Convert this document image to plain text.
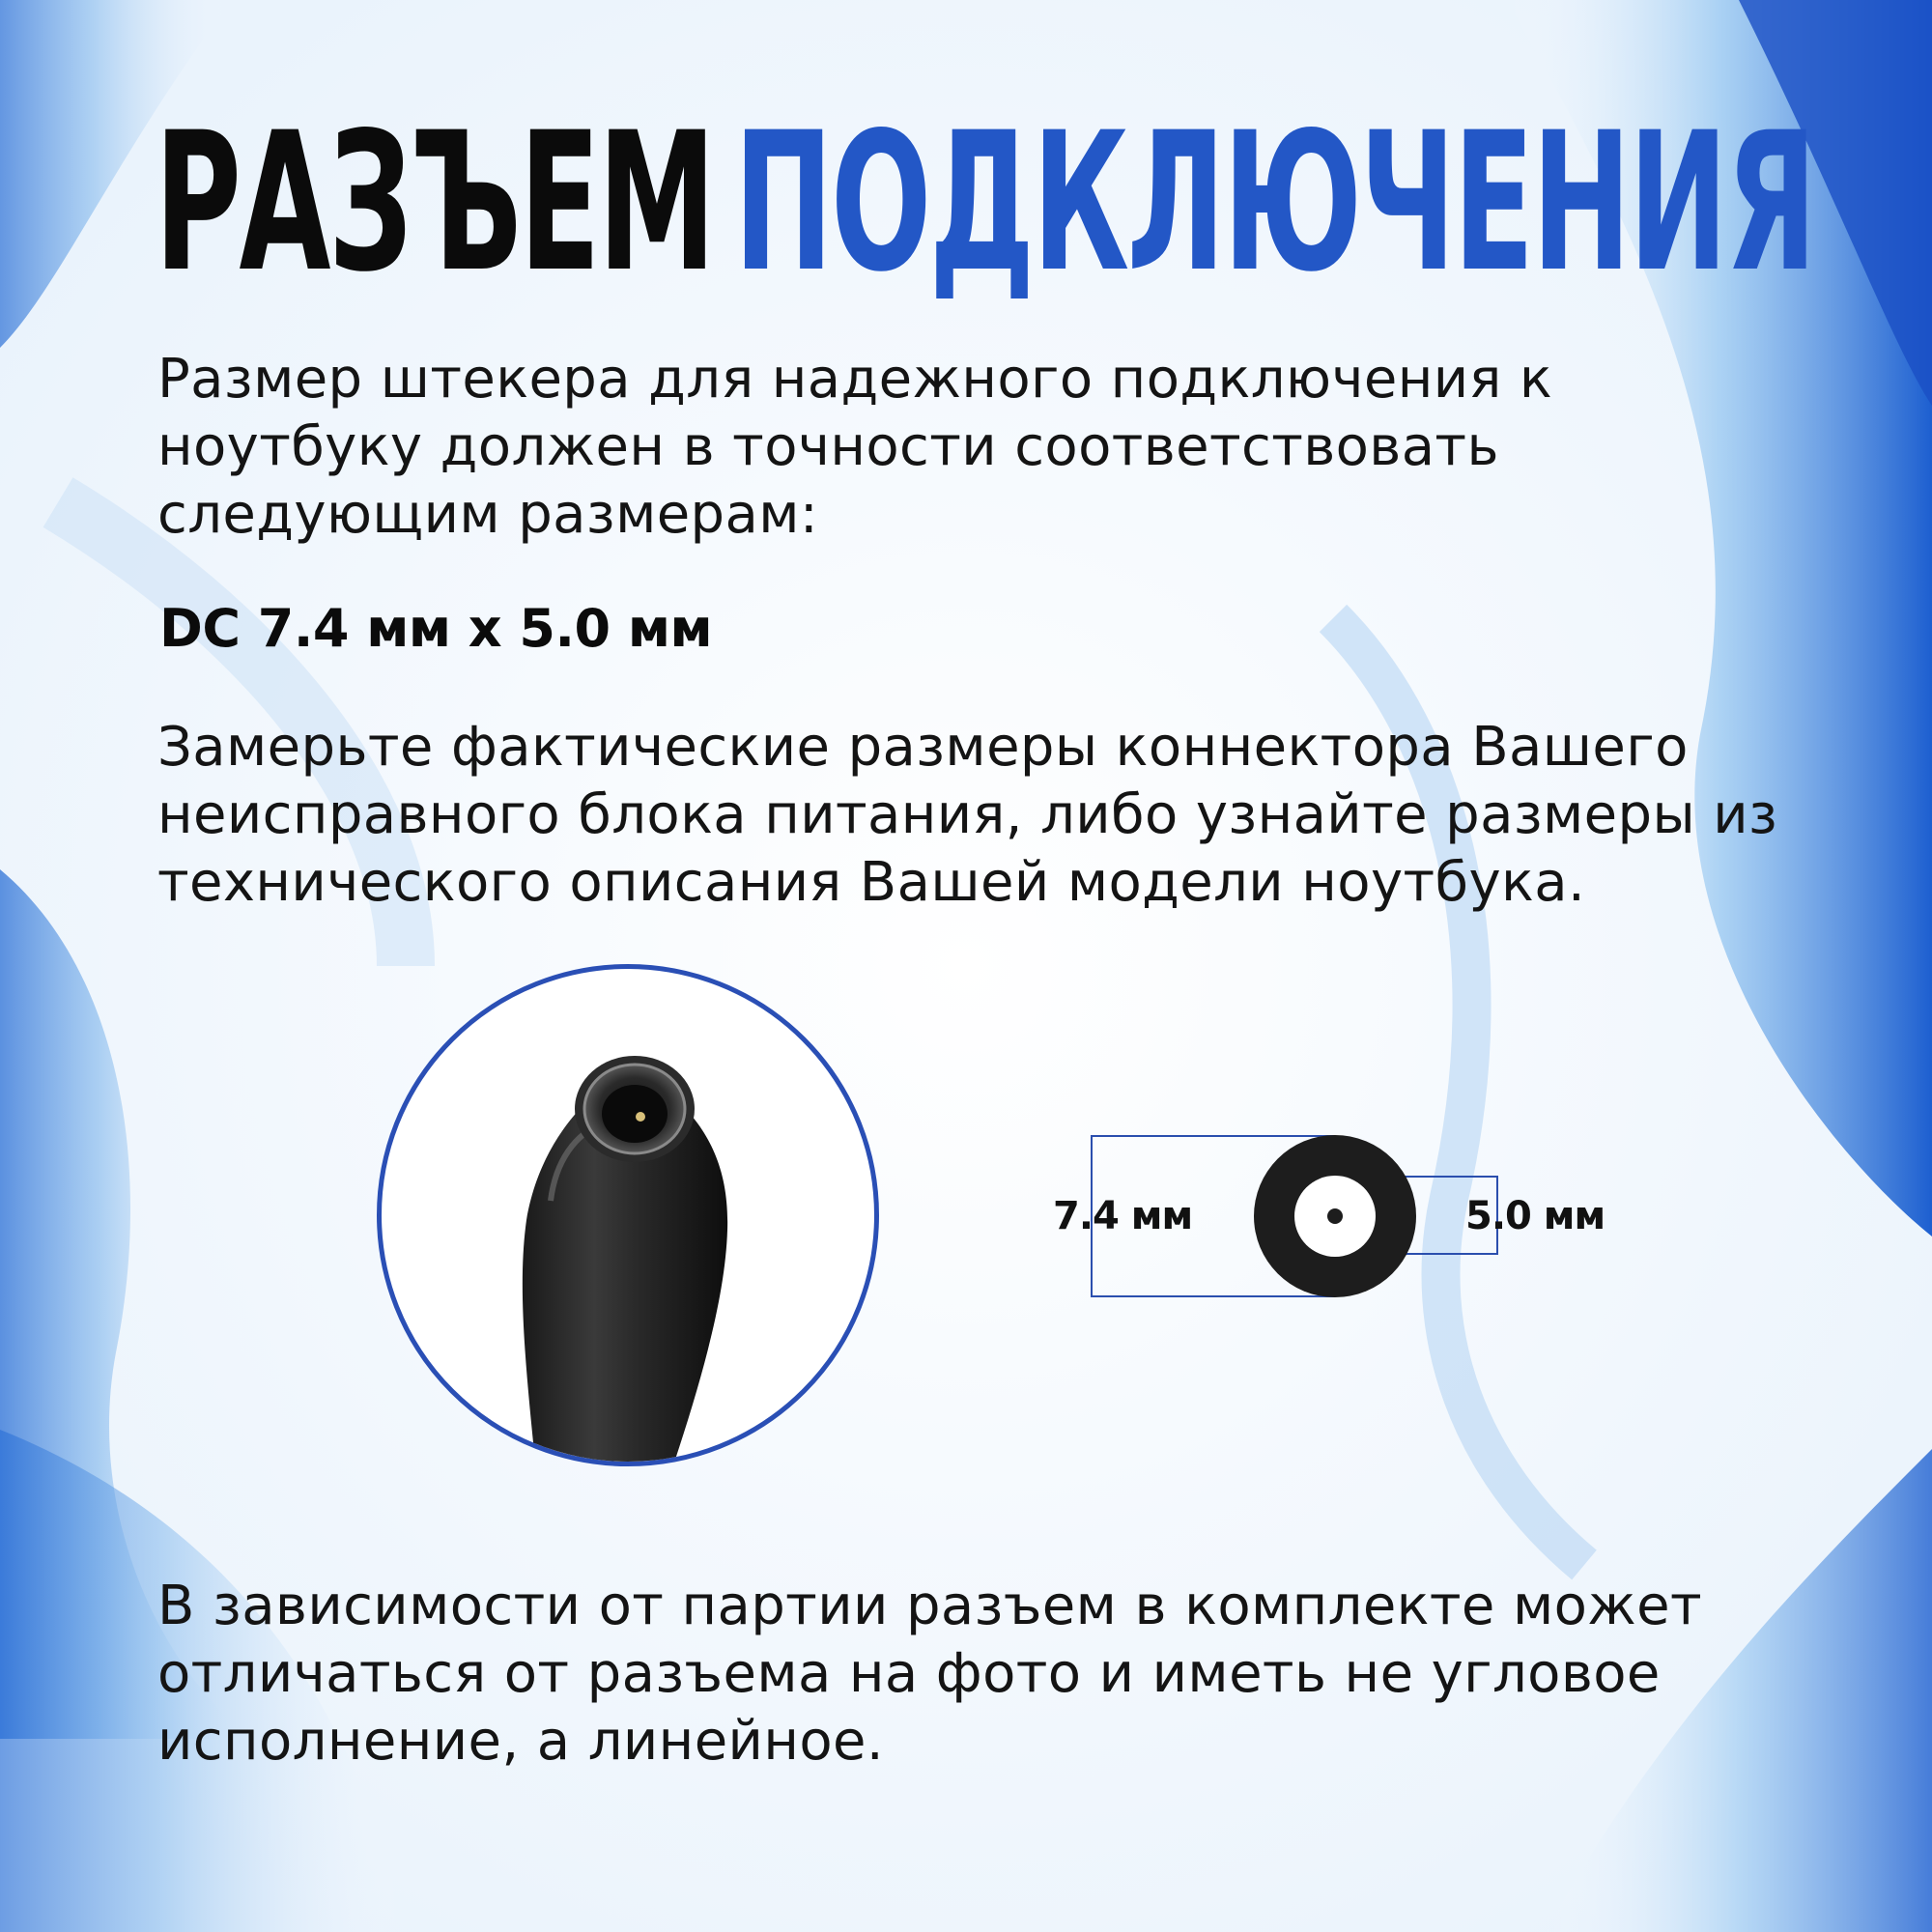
РАЗЪЕМ ПОДКЛЮЧЕНИЯ

Размер штекера для надежного подключения к ноутбуку должен в точности соответствовать следующим размерам:

DC 7.4 мм x 5.0 мм

Замерьте фактические размеры коннектора Вашего неисправного блока питания, либо узнайте размеры из технического описания Вашей модели ноутбука.

7.4 мм	5.0 мм

В зависимости от партии разъем в комплекте может отличаться от разъема на фото и иметь не угловое исполнение, а линейное.
